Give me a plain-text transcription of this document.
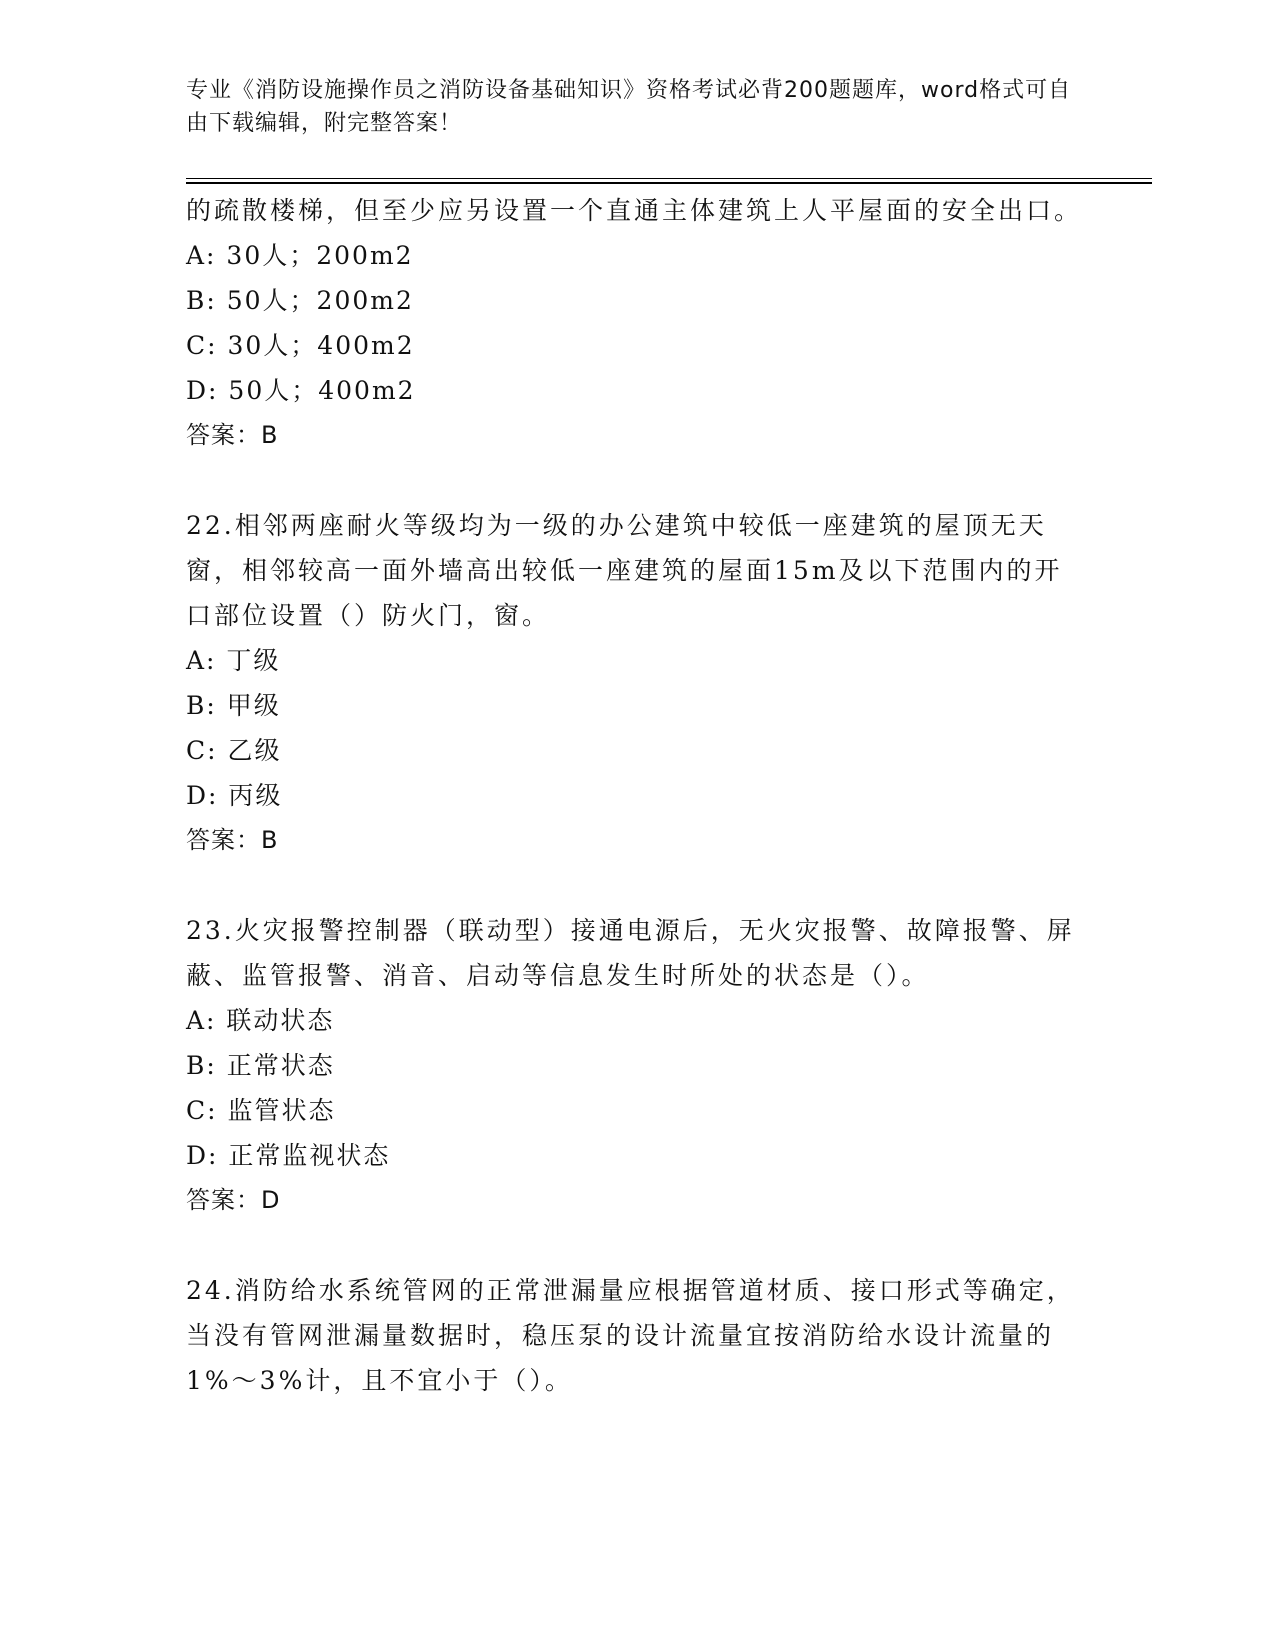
专业《消防设施操作员之消防设备基础知识》资格考试必背200题题库，word格式可自由下载编辑，附完整答案！
的疏散楼梯，但至少应另设置一个直通主体建筑上人平屋面的安全出口。
A: 30人；200m2
B: 50人；200m2
C: 30人；400m2
D: 50人；400m2
答案：B
22.相邻两座耐火等级均为一级的办公建筑中较低一座建筑的屋顶无天窗，相邻较高一面外墙高出较低一座建筑的屋面15m及以下范围内的开口部位设置（）防火门，窗。
A: 丁级
B: 甲级
C: 乙级
D: 丙级
答案：B
23.火灾报警控制器（联动型）接通电源后，无火灾报警、故障报警、屏蔽、监管报警、消音、启动等信息发生时所处的状态是（）。
A: 联动状态
B: 正常状态
C: 监管状态
D: 正常监视状态
答案：D
24.消防给水系统管网的正常泄漏量应根据管道材质、接口形式等确定，当没有管网泄漏量数据时，稳压泵的设计流量宜按消防给水设计流量的1%～3%计，且不宜小于（）。
